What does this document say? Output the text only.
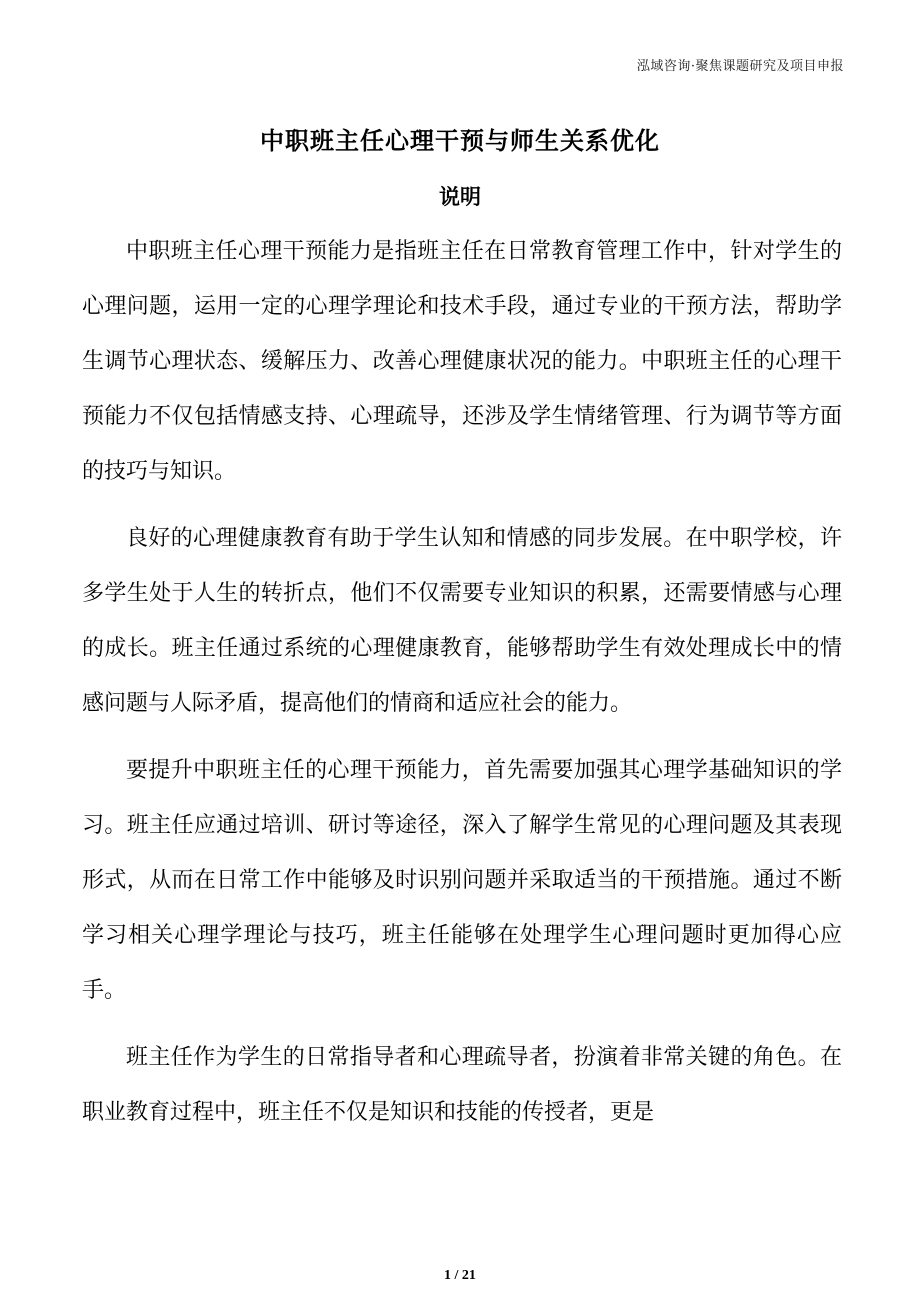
泓域咨询·聚焦课题研究及项目申报
中职班主任心理干预与师生关系优化
说明

中职班主任心理干预能力是指班主任在日常教育管理工作中，针对学生的心理问题，运用一定的心理学理论和技术手段，通过专业的干预方法，帮助学生调节心理状态、缓解压力、改善心理健康状况的能力。中职班主任的心理干预能力不仅包括情感支持、心理疏导，还涉及学生情绪管理、行为调节等方面的技巧与知识。

良好的心理健康教育有助于学生认知和情感的同步发展。在中职学校，许多学生处于人生的转折点，他们不仅需要专业知识的积累，还需要情感与心理的成长。班主任通过系统的心理健康教育，能够帮助学生有效处理成长中的情感问题与人际矛盾，提高他们的情商和适应社会的能力。

要提升中职班主任的心理干预能力，首先需要加强其心理学基础知识的学习。班主任应通过培训、研讨等途径，深入了解学生常见的心理问题及其表现形式，从而在日常工作中能够及时识别问题并采取适当的干预措施。通过不断学习相关心理学理论与技巧，班主任能够在处理学生心理问题时更加得心应手。

班主任作为学生的日常指导者和心理疏导者，扮演着非常关键的角色。在职业教育过程中，班主任不仅是知识和技能的传授者，更是

1 / 21
